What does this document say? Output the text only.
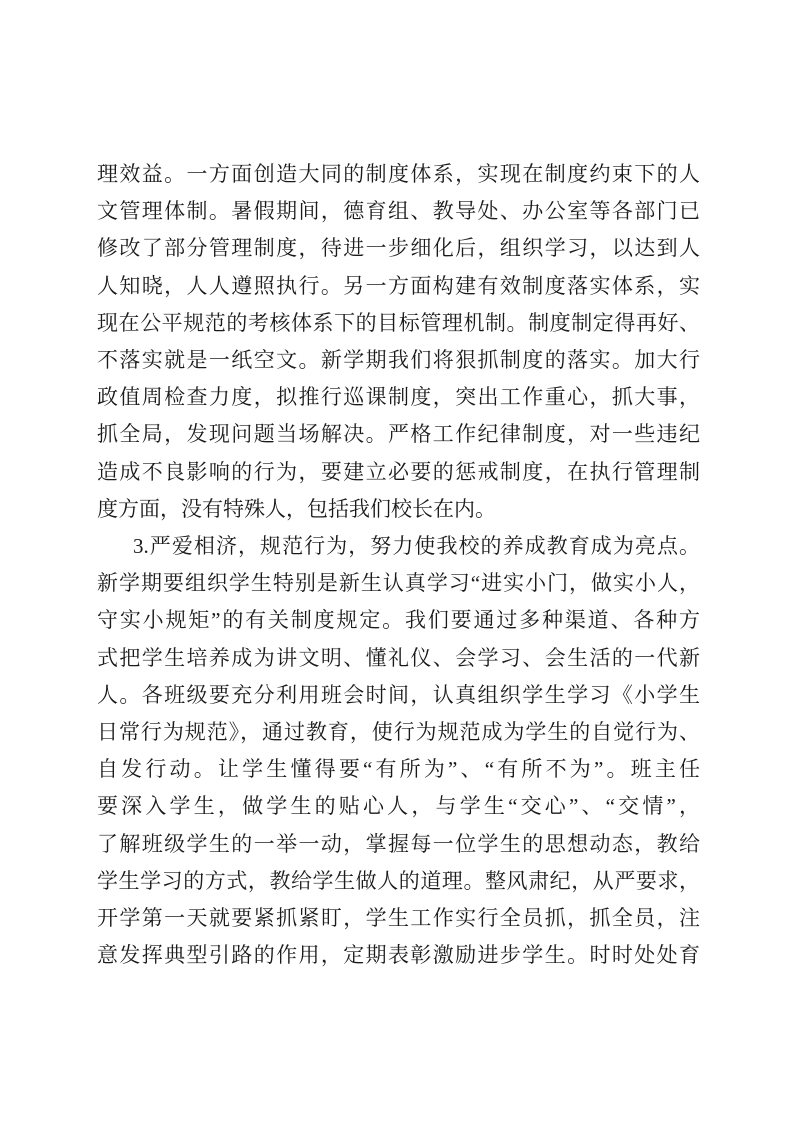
理效益。一方面创造大同的制度体系，实现在制度约束下的人
文管理体制。暑假期间，德育组、教导处、办公室等各部门已
修改了部分管理制度，待进一步细化后，组织学习，以达到人
人知晓，人人遵照执行。另一方面构建有效制度落实体系，实
现在公平规范的考核体系下的目标管理机制。制度制定得再好、
不落实就是一纸空文。新学期我们将狠抓制度的落实。加大行
政值周检查力度，拟推行巡课制度，突出工作重心，抓大事，
抓全局，发现问题当场解决。严格工作纪律制度，对一些违纪
造成不良影响的行为，要建立必要的惩戒制度，在执行管理制
度方面，没有特殊人，包括我们校长在内。
3.严爱相济，规范行为，努力使我校的养成教育成为亮点。
新学期要组织学生特别是新生认真学习“进实小门，做实小人，
守实小规矩”的有关制度规定。我们要通过多种渠道、各种方
式把学生培养成为讲文明、懂礼仪、会学习、会生活的一代新
人。各班级要充分利用班会时间，认真组织学生学习《小学生
日常行为规范》，通过教育，使行为规范成为学生的自觉行为、
自发行动。让学生懂得要“有所为”、“有所不为”。班主任
要深入学生，做学生的贴心人，与学生“交心”、“交情”，
了解班级学生的一举一动，掌握每一位学生的思想动态，教给
学生学习的方式，教给学生做人的道理。整风肃纪，从严要求，
开学第一天就要紧抓紧盯，学生工作实行全员抓，抓全员，注
意发挥典型引路的作用，定期表彰激励进步学生。时时处处育
